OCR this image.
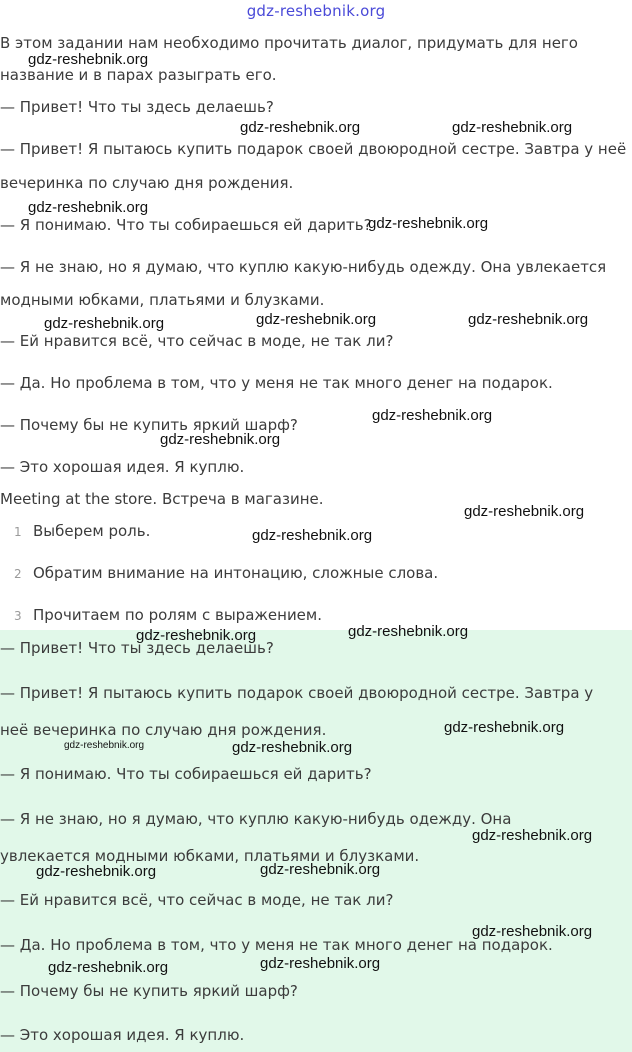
gdz-reshebnik.org
В этом задании нам необходимо прочитать диалог, придумать для него
название и в парах разыграть его.
— Привет! Что ты здесь делаешь?
— Привет! Я пытаюсь купить подарок своей двоюродной сестре. Завтра у неё
вечеринка по случаю дня рождения.
— Я понимаю. Что ты собираешься ей дарить?
— Я не знаю, но я думаю, что куплю какую-нибудь одежду. Она увлекается
модными юбками, платьями и блузками.
— Ей нравится всё, что сейчас в моде, не так ли?
— Да. Но проблема в том, что у меня не так много денег на подарок.
— Почему бы не купить яркий шарф?
— Это хорошая идея. Я куплю.
Meeting at the store. Встреча в магазине.
1 Выберем роль.
2 Обратим внимание на интонацию, сложные слова.
3 Прочитаем по ролям с выражением.
— Привет! Что ты здесь делаешь?
— Привет! Я пытаюсь купить подарок своей двоюродной сестре. Завтра у
неё вечеринка по случаю дня рождения.
— Я понимаю. Что ты собираешься ей дарить?
— Я не знаю, но я думаю, что куплю какую-нибудь одежду. Она
увлекается модными юбками, платьями и блузками.
— Ей нравится всё, что сейчас в моде, не так ли?
— Да. Но проблема в том, что у меня не так много денег на подарок.
— Почему бы не купить яркий шарф?
— Это хорошая идея. Я куплю.
gdz-reshebnik.org
gdz-reshebnik.org	gdz-reshebnik.org
gdz-reshebnik.org
gdz-reshebnik.org
gdz-reshebnik.org	gdz-reshebnik.org	gdz-reshebnik.org
gdz-reshebnik.org
gdz-reshebnik.org
gdz-reshebnik.org
gdz-reshebnik.org
gdz-reshebnik.org
gdz-reshebnik.org
gdz-reshebnik.org
gdz-reshebnik.org	gdz-reshebnik.org
gdz-reshebnik.org
gdz-reshebnik.org
gdz-reshebnik.org
gdz-reshebnik.org
gdz-reshebnik.org
gdz-reshebnik.org
